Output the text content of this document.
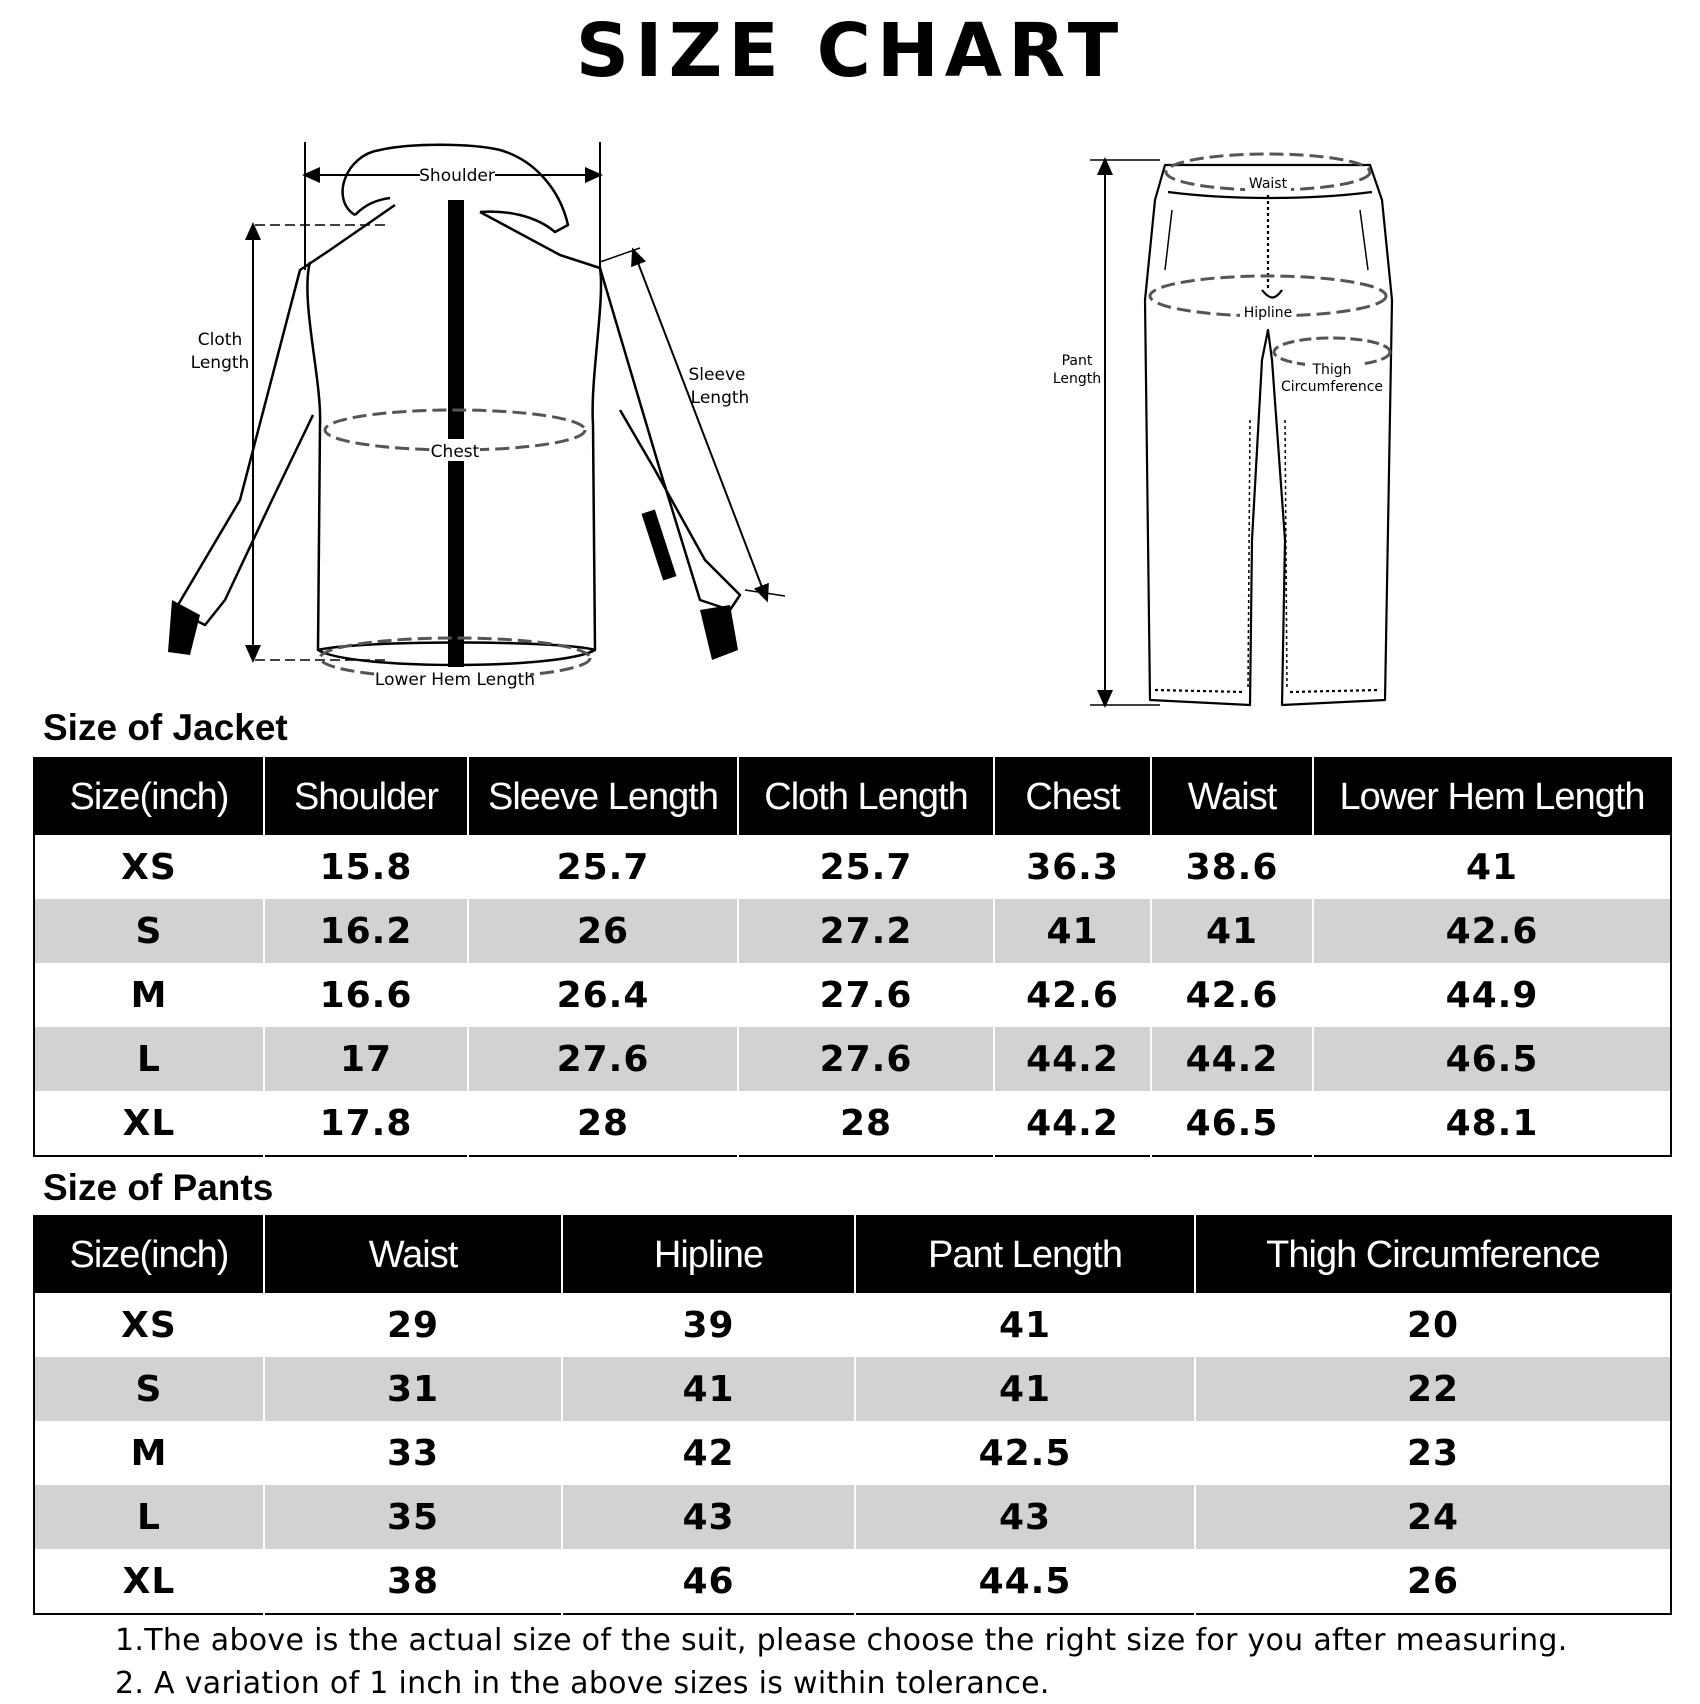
SIZE CHART
Shoulder
Cloth
Length
Sleeve
Length
Chest
Lower Hem Length
Waist
Hipline
Thigh
Circumference
Pant
Length
Size of Jacket
Size(inch)	Shoulder	Sleeve Length	Cloth Length	Chest	Waist	Lower Hem Length
XS	15.8	25.7	25.7	36.3	38.6	41
S	16.2	26	27.2	41	41	42.6
M	16.6	26.4	27.6	42.6	42.6	44.9
L	17	27.6	27.6	44.2	44.2	46.5
XL	17.8	28	28	44.2	46.5	48.1
Size of Pants
Size(inch)	Waist	Hipline	Pant Length	Thigh Circumference
XS	29	39	41	20
S	31	41	41	22
M	33	42	42.5	23
L	35	43	43	24
XL	38	46	44.5	26
1.The above is the actual size of the suit, please choose the right size for you after measuring.
2. A variation of 1 inch in the above sizes is within tolerance.
